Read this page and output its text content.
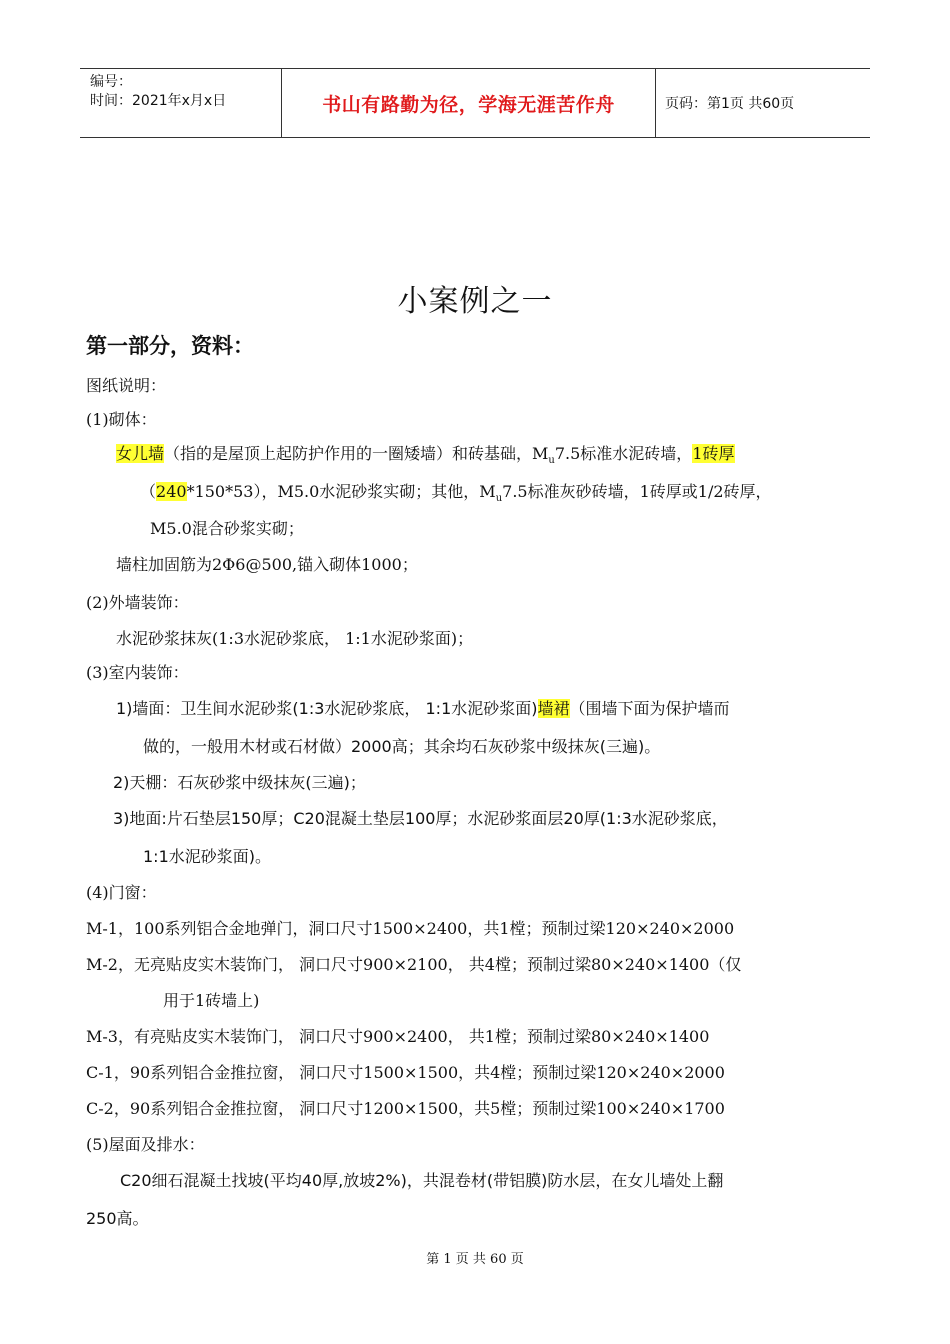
编号：
时间：2021年x月x日	书山有路勤为径，学海无涯苦作舟	页码：第1页 共60页
小案例之一
第一部分，资料：
图纸说明：
(1)砌体：
女儿墙（指的是屋顶上起防护作用的一圈矮墙）和砖基础，$M_u7.5$标准水泥砖墙，1砖厚
（240*150*53），M5.0水泥砂浆实砌；其他，$M_u7.5$标准灰砂砖墙，1砖厚或1/2砖厚，
M5.0混合砂浆实砌；
墙柱加固筋为2Φ6@500,锚入砌体1000；
(2)外墙装饰：
水泥砂浆抹灰(1:3水泥砂浆底， 1:1水泥砂浆面)；
(3)室内装饰：
1)墙面：卫生间水泥砂浆(1:3水泥砂浆底， 1:1水泥砂浆面)墙裙（围墙下面为保护墙而
做的，一般用木材或石材做）2000高；其余均石灰砂浆中级抹灰(三遍)。
2)天棚：石灰砂浆中级抹灰(三遍)；
3)地面:片石垫层150厚；C20混凝土垫层100厚；水泥砂浆面层20厚(1:3水泥砂浆底，
1:1水泥砂浆面)。
(4)门窗：
M-1，100系列铝合金地弹门，洞口尺寸1500×2400，共1樘；预制过梁120×240×2000
M-2，无亮贴皮实木装饰门， 洞口尺寸900×2100， 共4樘；预制过梁80×240×1400（仅
用于1砖墙上)
M-3，有亮贴皮实木装饰门， 洞口尺寸900×2400， 共1樘；预制过梁80×240×1400
C-1，90系列铝合金推拉窗， 洞口尺寸1500×1500，共4樘；预制过梁120×240×2000
C-2，90系列铝合金推拉窗， 洞口尺寸1200×1500，共5樘；预制过梁100×240×1700
(5)屋面及排水：
C20细石混凝土找坡(平均40厚,放坡2%)，共混卷材(带铝膜)防水层，在女儿墙处上翻
250高。
第 1 页 共 60 页
